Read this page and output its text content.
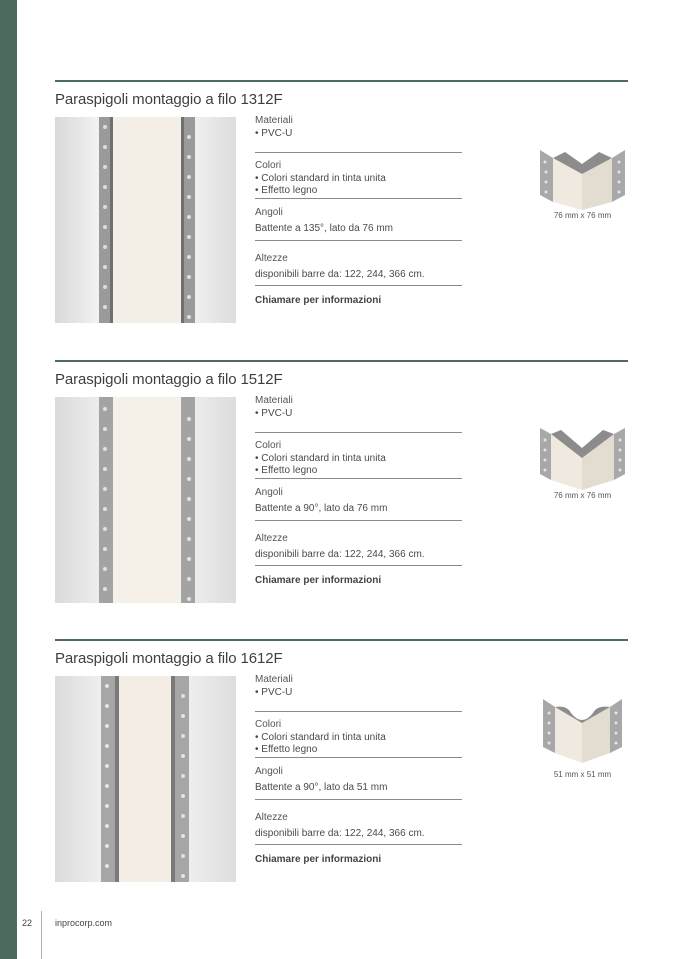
Paraspigoli montaggio a filo 1312F
Materiali
• PVC-U
Colori
• Colori standard in tinta unita
• Effetto legno
Angoli
Battente a 135°, lato da 76 mm
Altezze
disponibili barre da: 122, 244, 366 cm.
Chiamare per informazioni
76 mm x 76 mm
Paraspigoli montaggio a filo 1512F
Materiali
• PVC-U
Colori
• Colori standard in tinta unita
• Effetto legno
Angoli
Battente a 90°, lato da 76 mm
Altezze
disponibili barre da: 122, 244, 366 cm.
Chiamare per informazioni
76 mm x 76 mm
Paraspigoli montaggio a filo 1612F
Materiali
• PVC-U
Colori
• Colori standard in tinta unita
• Effetto legno
Angoli
Battente a 90°, lato da 51 mm
Altezze
disponibili barre da: 122, 244, 366 cm.
Chiamare per informazioni
51 mm x 51 mm
22	inprocorp.com
